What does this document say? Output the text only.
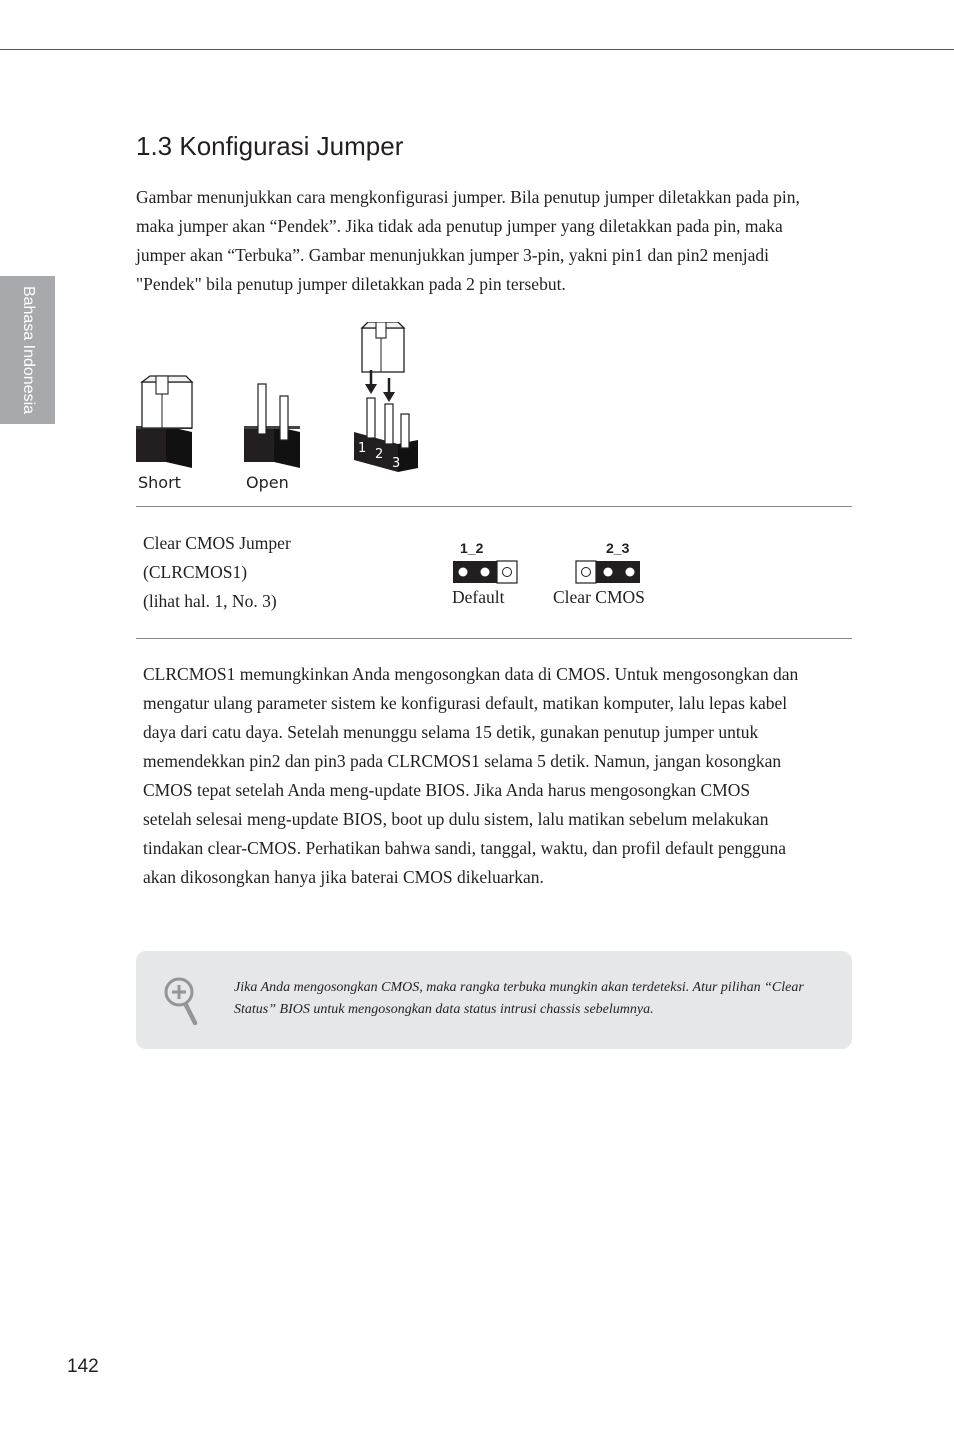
Bahasa Indonesia
1.3 Konfigurasi Jumper

Gambar menunjukkan cara mengkonfigurasi jumper. Bila penutup jumper diletakkan pada pin, maka jumper akan “Pendek”. Jika tidak ada penutup jumper yang diletakkan pada pin, maka jumper akan “Terbuka”. Gambar menunjukkan jumper 3-pin, yakni pin1 dan pin2 menjadi "Pendek" bila penutup jumper diletakkan pada 2 pin tersebut.

Short	Open
1 2
3
Clear CMOS Jumper
(CLRCMOS1)
(lihat hal. 1, No. 3)
1_2
Default
2_3
Clear CMOS

CLRCMOS1 memungkinkan Anda mengosongkan data di CMOS. Untuk mengosongkan dan mengatur ulang parameter sistem ke konfigurasi default, matikan komputer, lalu lepas kabel daya dari catu daya. Setelah menunggu selama 15 detik, gunakan penutup jumper untuk memendekkan pin2 dan pin3 pada CLRCMOS1 selama 5 detik. Namun, jangan kosongkan CMOS tepat setelah Anda meng-update BIOS. Jika Anda harus mengosongkan CMOS setelah selesai meng-update BIOS, boot up dulu sistem, lalu matikan sebelum melakukan tindakan clear-CMOS. Perhatikan bahwa sandi, tanggal, waktu, dan profil default pengguna akan dikosongkan hanya jika baterai CMOS dikeluarkan.

Jika Anda mengosongkan CMOS, maka rangka terbuka mungkin akan terdeteksi. Atur pilihan “Clear Status” BIOS untuk mengosongkan data status intrusi chassis sebelumnya.

142
